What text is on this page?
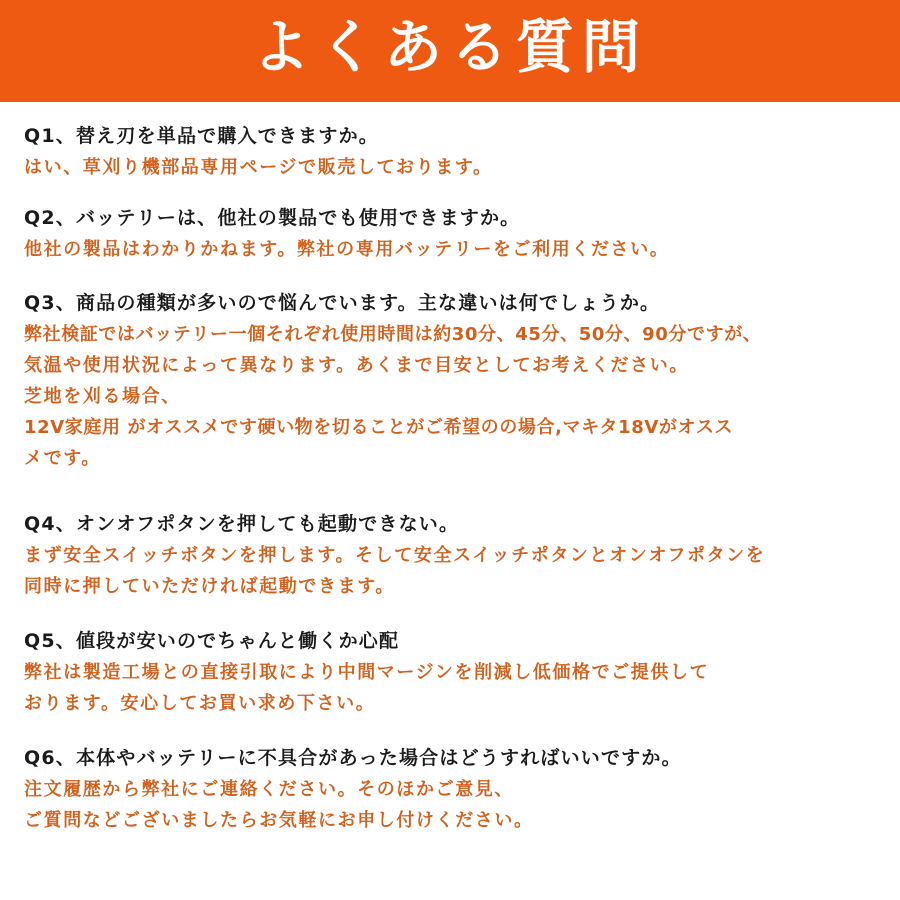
よくある質問
Q1、替え刃を単品で購入できますか。
はい、草刈り機部品専用ページで販売しております。
Q2、バッテリーは、他社の製品でも使用できますか。
他社の製品はわかりかねます。弊社の専用バッテリーをご利用ください。
Q3、商品の種類が多いので悩んでいます。主な違いは何でしょうか。
弊社検証ではバッテリー一個それぞれ使用時間は約30分、45分、50分、90分ですが、
気温や使用状況によって異なります。あくまで目安としてお考えください。
芝地を刈る場合、
12V家庭用 がオススメです硬い物を切ることがご希望のの場合,マキタ18Vがオスス
メです。
Q4、オンオフポタンを押しても起動できない。
まず安全スイッチボタンを押します。そして安全スイッチポタンとオンオフポタンを
同時に押していただければ起動できます。
Q5、値段が安いのでちゃんと働くか心配
弊社は製造工場との直接引取により中間マージンを削減し低価格でご提供して
おります。安心してお買い求め下さい。
Q6、本体やバッテリーに不具合があった場合はどうすればいいですか。
注文履歴から弊社にご連絡ください。そのほかご意見、
ご質問などございましたらお気軽にお申し付けください。
